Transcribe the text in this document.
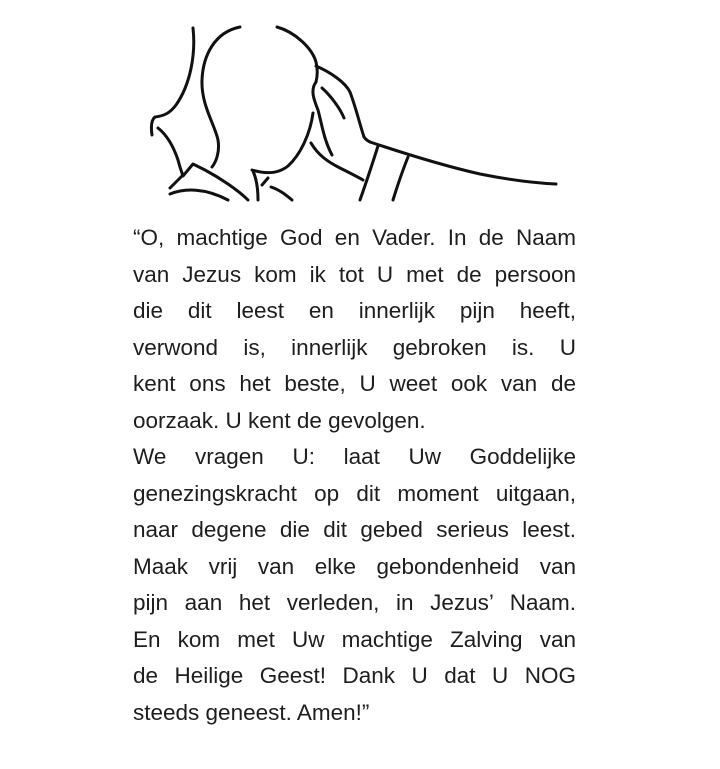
“O, machtige God en Vader. In de Naam
van Jezus kom ik tot U met de persoon
die dit leest en innerlijk pijn heeft,
verwond is, innerlijk gebroken is. U
kent ons het beste, U weet ook van de
oorzaak. U kent de gevolgen.
We vragen U: laat Uw Goddelijke
genezingskracht op dit moment uitgaan,
naar degene die dit gebed serieus leest.
Maak vrij van elke gebondenheid van
pijn aan het verleden, in Jezus’ Naam.
En kom met Uw machtige Zalving van
de Heilige Geest! Dank U dat U NOG
steeds geneest. Amen!”
